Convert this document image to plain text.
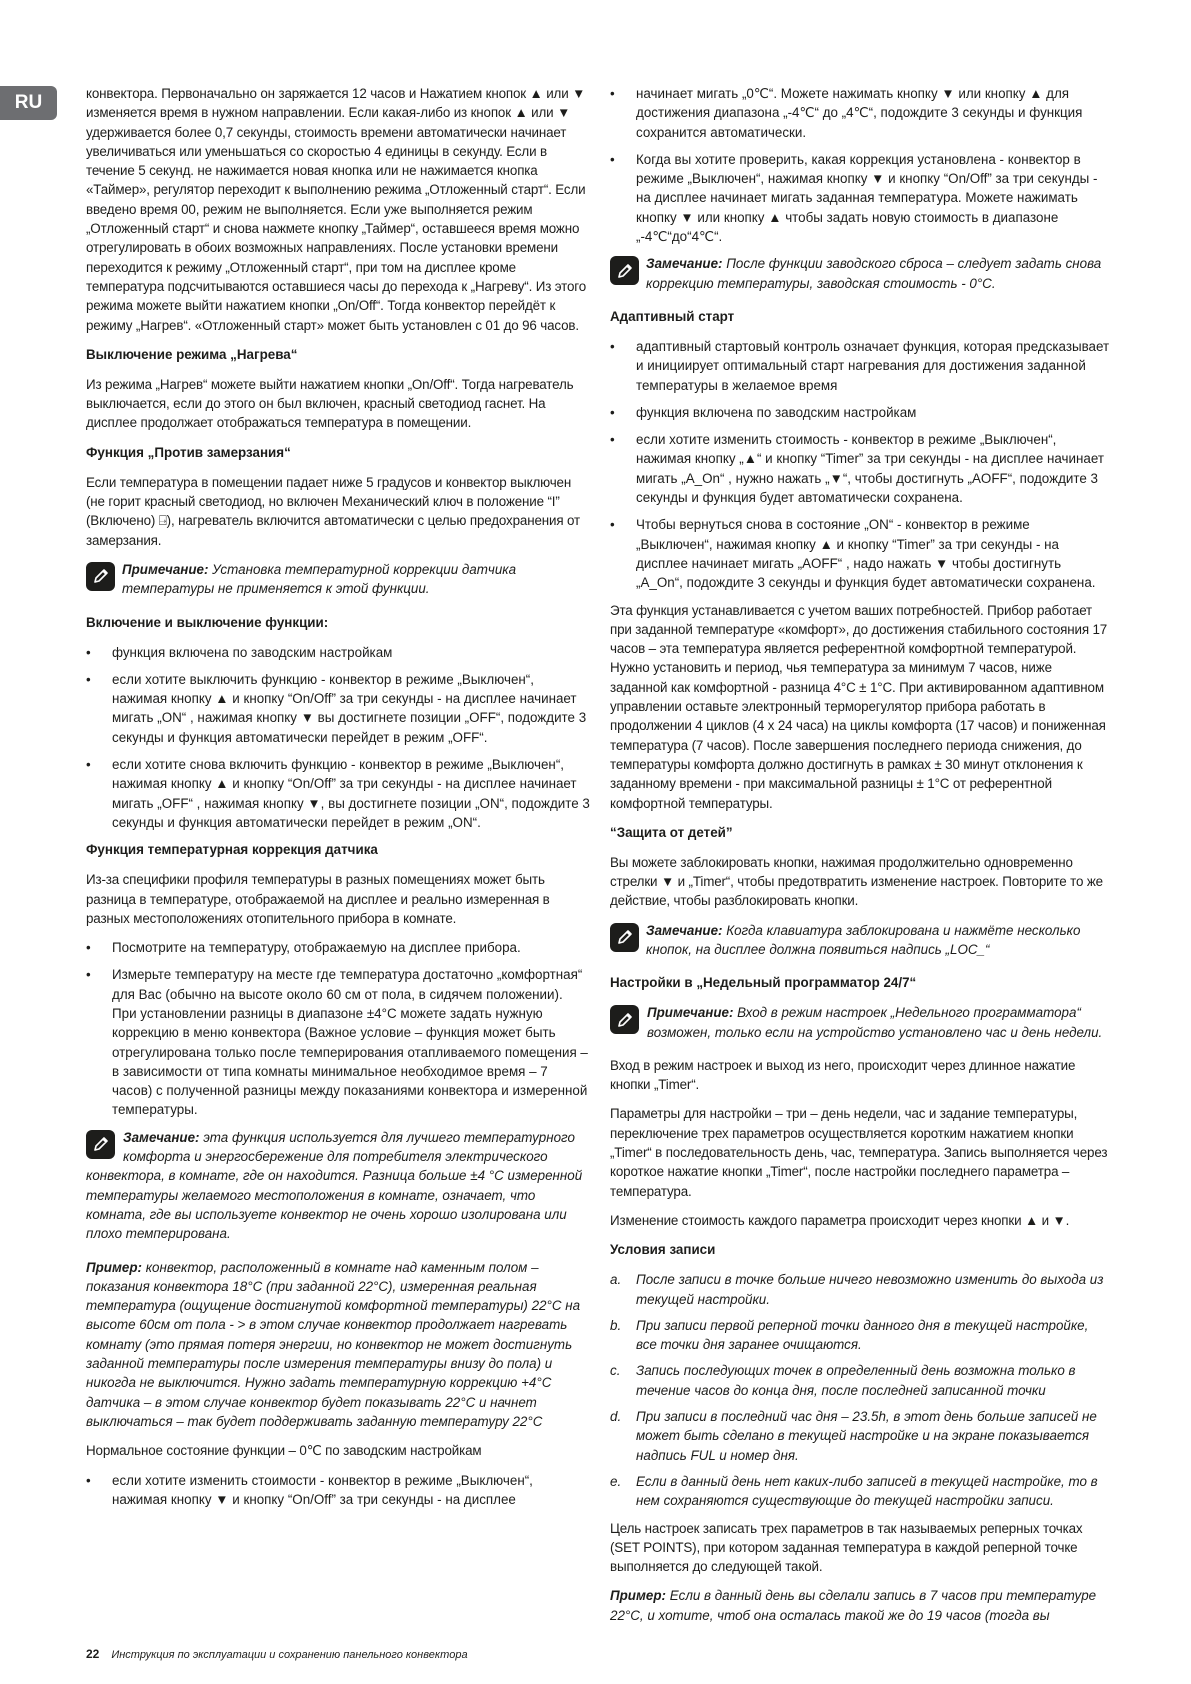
RU	конвектора. Первоначально он заряжается 12 часов и Нажатием кнопок ▲ или ▼ изменяется время в нужном направлении. Если какая-либо из кнопок ▲ или ▼ удерживается более 0,7 секунды, стоимость времени автоматически начинает увеличиваться или уменьшаться со скоростью 4 единицы в секунду. Если в течение 5 секунд. не нажимается новая кнопка или не нажимается кнопка «Таймер», регулятор переходит к выполнению режима „Отложенный старт“. Если введено время 00, режим не выполняется. Если уже выполняется режим „Отложенный старт“ и снова нажмете кнопку „Таймер“, оставшееся время можно отрегулировать в обоих возможных направлениях. После установки времени переходится к режиму „Отложенный старт“, при том на дисплее кроме температура подсчитываются оставшиеся часы до перехода к „Нагреву“. Из этого режима можете выйти нажатием кнопки „On/Off“. Тогда конвектор перейдёт к режиму „Нагрев“. «Отложенный старт» может быть установлен с 01 до 96 часов.

Выключение режима „Нагрева“

Из режима „Нагрев“ можете выйти нажатием кнопки „On/Off“. Тогда нагреватель выключается, если до этого он был включен, красный светодиод гаснет. На дисплее продолжает отображаться температура в помещении.

Функция „Против замерзания“

Если температура в помещении падает ниже 5 градусов и конвектор выключен (не горит красный светодиод, но включен Механический ключ в положение “I” (Включено) ⍈), нагреватель включится автоматически с целью предохранения от замерзания.

Примечание: Установка температурной коррекции датчика температуры не применяется к этой функции.
Включение и выключение функции:
• функция включена по заводским настройкам
• если хотите выключить функцию - конвектор в режиме „Выключен“, нажимая кнопку ▲ и кнопку “On/Off” за три секунды - на дисплее начинает мигать „ON“ , нажимая кнопку ▼ вы достигнете позиции „OFF“, подождите 3 секунды и функция автоматически перейдет в режим „OFF“.
• если хотите снова включить функцию - конвектор в режиме „Выключен“, нажимая кнопку ▲ и кнопку “On/Off” за три секунды - на дисплее начинает мигать „OFF“ , нажимая кнопку ▼, вы достигнете позиции „ON“, подождите 3 секунды и функция автоматически перейдет в режим „ON“.
Функция температурная коррекция датчика

Из-за специфики профиля температуры в разных помещениях может быть разница в температуре, отображаемой на дисплее и реально измеренная в разных местоположениях отопительного прибора в комнате.

• Посмотрите на температуру, отображаемую на дисплее прибора.
• Измерьте температуру на месте где температура достаточно „комфортная“ для Вас (обычно на высоте около 60 см от пола, в сидячем положении). При установлении разницы в диапазоне ±4°C можете задать нужную коррекцию в меню конвектора (Важное условие – функция может быть отрегулирована только после темперирования отапливаемого помещения – в зависимости от типа комнаты минимальное необходимое время – 7 часов) с полученной разницы между показаниями конвектора и измеренной температуры.
Замечание: эта функция используется для лучшего температурного комфорта и энергосбережение для потребителя электрического конвектора, в комнате, где он находится. Разница больше ±4 °C измеренной температуры желаемого местоположения в комнате, означает, что комната, где вы используете конвектор не очень хорошо изолирована или плохо темперирована.
Пример: конвектор, расположенный в комнате над каменным полом – показания конвектора 18°C (при заданной 22°C), измеренная реальная температура (ощущение достигнутой комфортной температуры) 22°C на высоте 60см от пола - > в этом случае конвектор продолжает нагревать комнату (это прямая потеря энергии, но конвектор не может достигнуть заданной температуры после измерения температуры внизу до пола) и никогда не выключится. Нужно задать температурную коррекцию +4°C датчика – в этом случае конвектор будет показывать 22°C и начнет выключаться – так будет поддерживать заданную температуру 22°C

Нормальное состояние функции – 0℃ по заводским настройкам

• если хотите изменить стоимости - конвектор в режиме „Выключен“, нажимая кнопку ▼ и кнопку “On/Off” за три секунды - на дисплее
• начинает мигать „0℃“. Можете нажимать кнопку ▼ или кнопку ▲ для достижения диапазона „-4℃“ до „4℃“, подождите 3 секунды и функция сохранится автоматически.
• Когда вы хотите проверить, какая коррекция установлена - конвектор в режиме „Выключен“, нажимая кнопку ▼ и кнопку “On/Off” за три секунды - на дисплее начинает мигать заданная температура. Можете нажимать кнопку ▼ или кнопку ▲ чтобы задать новую стоимость в диапазоне „-4℃“до“4℃“.
Замечание: После функции заводского сброса – следует задать снова коррекцию температуры, заводская стоимость - 0°C.
Адаптивный старт
• адаптивный стартовый контроль означает функция, которая предсказывает и инициирует оптимальный старт нагревания для достижения заданной температуры в желаемое время
• функция включена по заводским настройкам
• если хотите изменить стоимость - конвектор в режиме „Выключен“, нажимая кнопку „▲“ и кнопку “Timer” за три секунды - на дисплее начинает мигать „A_On“ , нужно нажать „▼“, чтобы достигнуть „AOFF“, подождите 3 секунды и функция будет автоматически сохранена.
• Чтобы вернуться снова в состояние „ON“ - конвектор в режиме „Выключен“, нажимая кнопку ▲ и кнопку “Timer” за три секунды - на дисплее начинает мигать „AOFF“ , надо нажать ▼ чтобы достигнуть „A_On“, подождите 3 секунды и функция будет автоматически сохранена.

Эта функция устанавливается с учетом ваших потребностей. Прибор работает при заданной температуре «комфорт», до достижения стабильного состояния 17 часов – эта температура является референтной комфортной температурой. Нужно установить и период, чья температура за минимум 7 часов, ниже заданной как комфортной - разница 4°C ± 1°C. При активированном адаптивном управлении оставьте электронный терморегулятор прибора работать в продолжении 4 циклов (4 x 24 часа) на циклы комфорта (17 часов) и пониженная температура (7 часов). После завершения последнего периода снижения, до температуры комфорта должно достигнуть в рамках ± 30 минут отклонения к заданному времени - при максимальной разницы ± 1°C от референтной комфортной температуры.

“Защита от детей”

Вы можете заблокировать кнопки, нажимая продолжительно одновременно стрелки ▼ и „Timer“, чтобы предотвратить изменение настроек. Повторите то же действие, чтобы разблокировать кнопки.

Замечание: Когда клавиатура заблокирована и нажмёте несколько кнопок, на дисплее должна появиться надпись „LOC_“
Настройки в „Недельный программатор 24/7“
Примечание: Вход в режим настроек „Недельного программатора“ возможен, только если на устройство установлено час и день недели.

Вход в режим настроек и выход из него, происходит через длинное нажатие кнопки „Timer“.

Параметры для настройки – три – день недели, час и задание температуры, переключение трех параметров осуществляется коротким нажатием кнопки „Timer“ в последовательность день, час, температура. Запись выполняется через короткое нажатие кнопки „Timer“, после настройки последнего параметра – температура.

Изменение стоимость каждого параметра происходит через кнопки ▲ и ▼.

Условия записи
a. После записи в точке больше ничего невозможно изменить до выхода из текущей настройки.
b. При записи первой реперной точки данного дня в текущей настройке, все точки дня заранее очищаются.
c. Запись последующих точек в определенный день возможна только в течение часов до конца дня, после последней записанной точки
d. При записи в последний час дня – 23.5h, в этот день больше записей не может быть сделано в текущей настройке и на экране показывается надпись FUL и номер дня.
e. Если в данный день нет каких-либо записей в текущей настройке, то в нем сохраняются существующие до текущей настройки записи.

Цель настроек записать трех параметров в так называемых реперных точках (SET POINTS), при котором заданная температура в каждой реперной точке выполняется до следующей такой.

Пример: Если в данный день вы сделали запись в 7 часов при температуре 22°C, и хотите, чтоб она осталась такой же до 19 часов (тогда вы
22 Инструкция по эксплуатации и сохранению панельного конвектора
